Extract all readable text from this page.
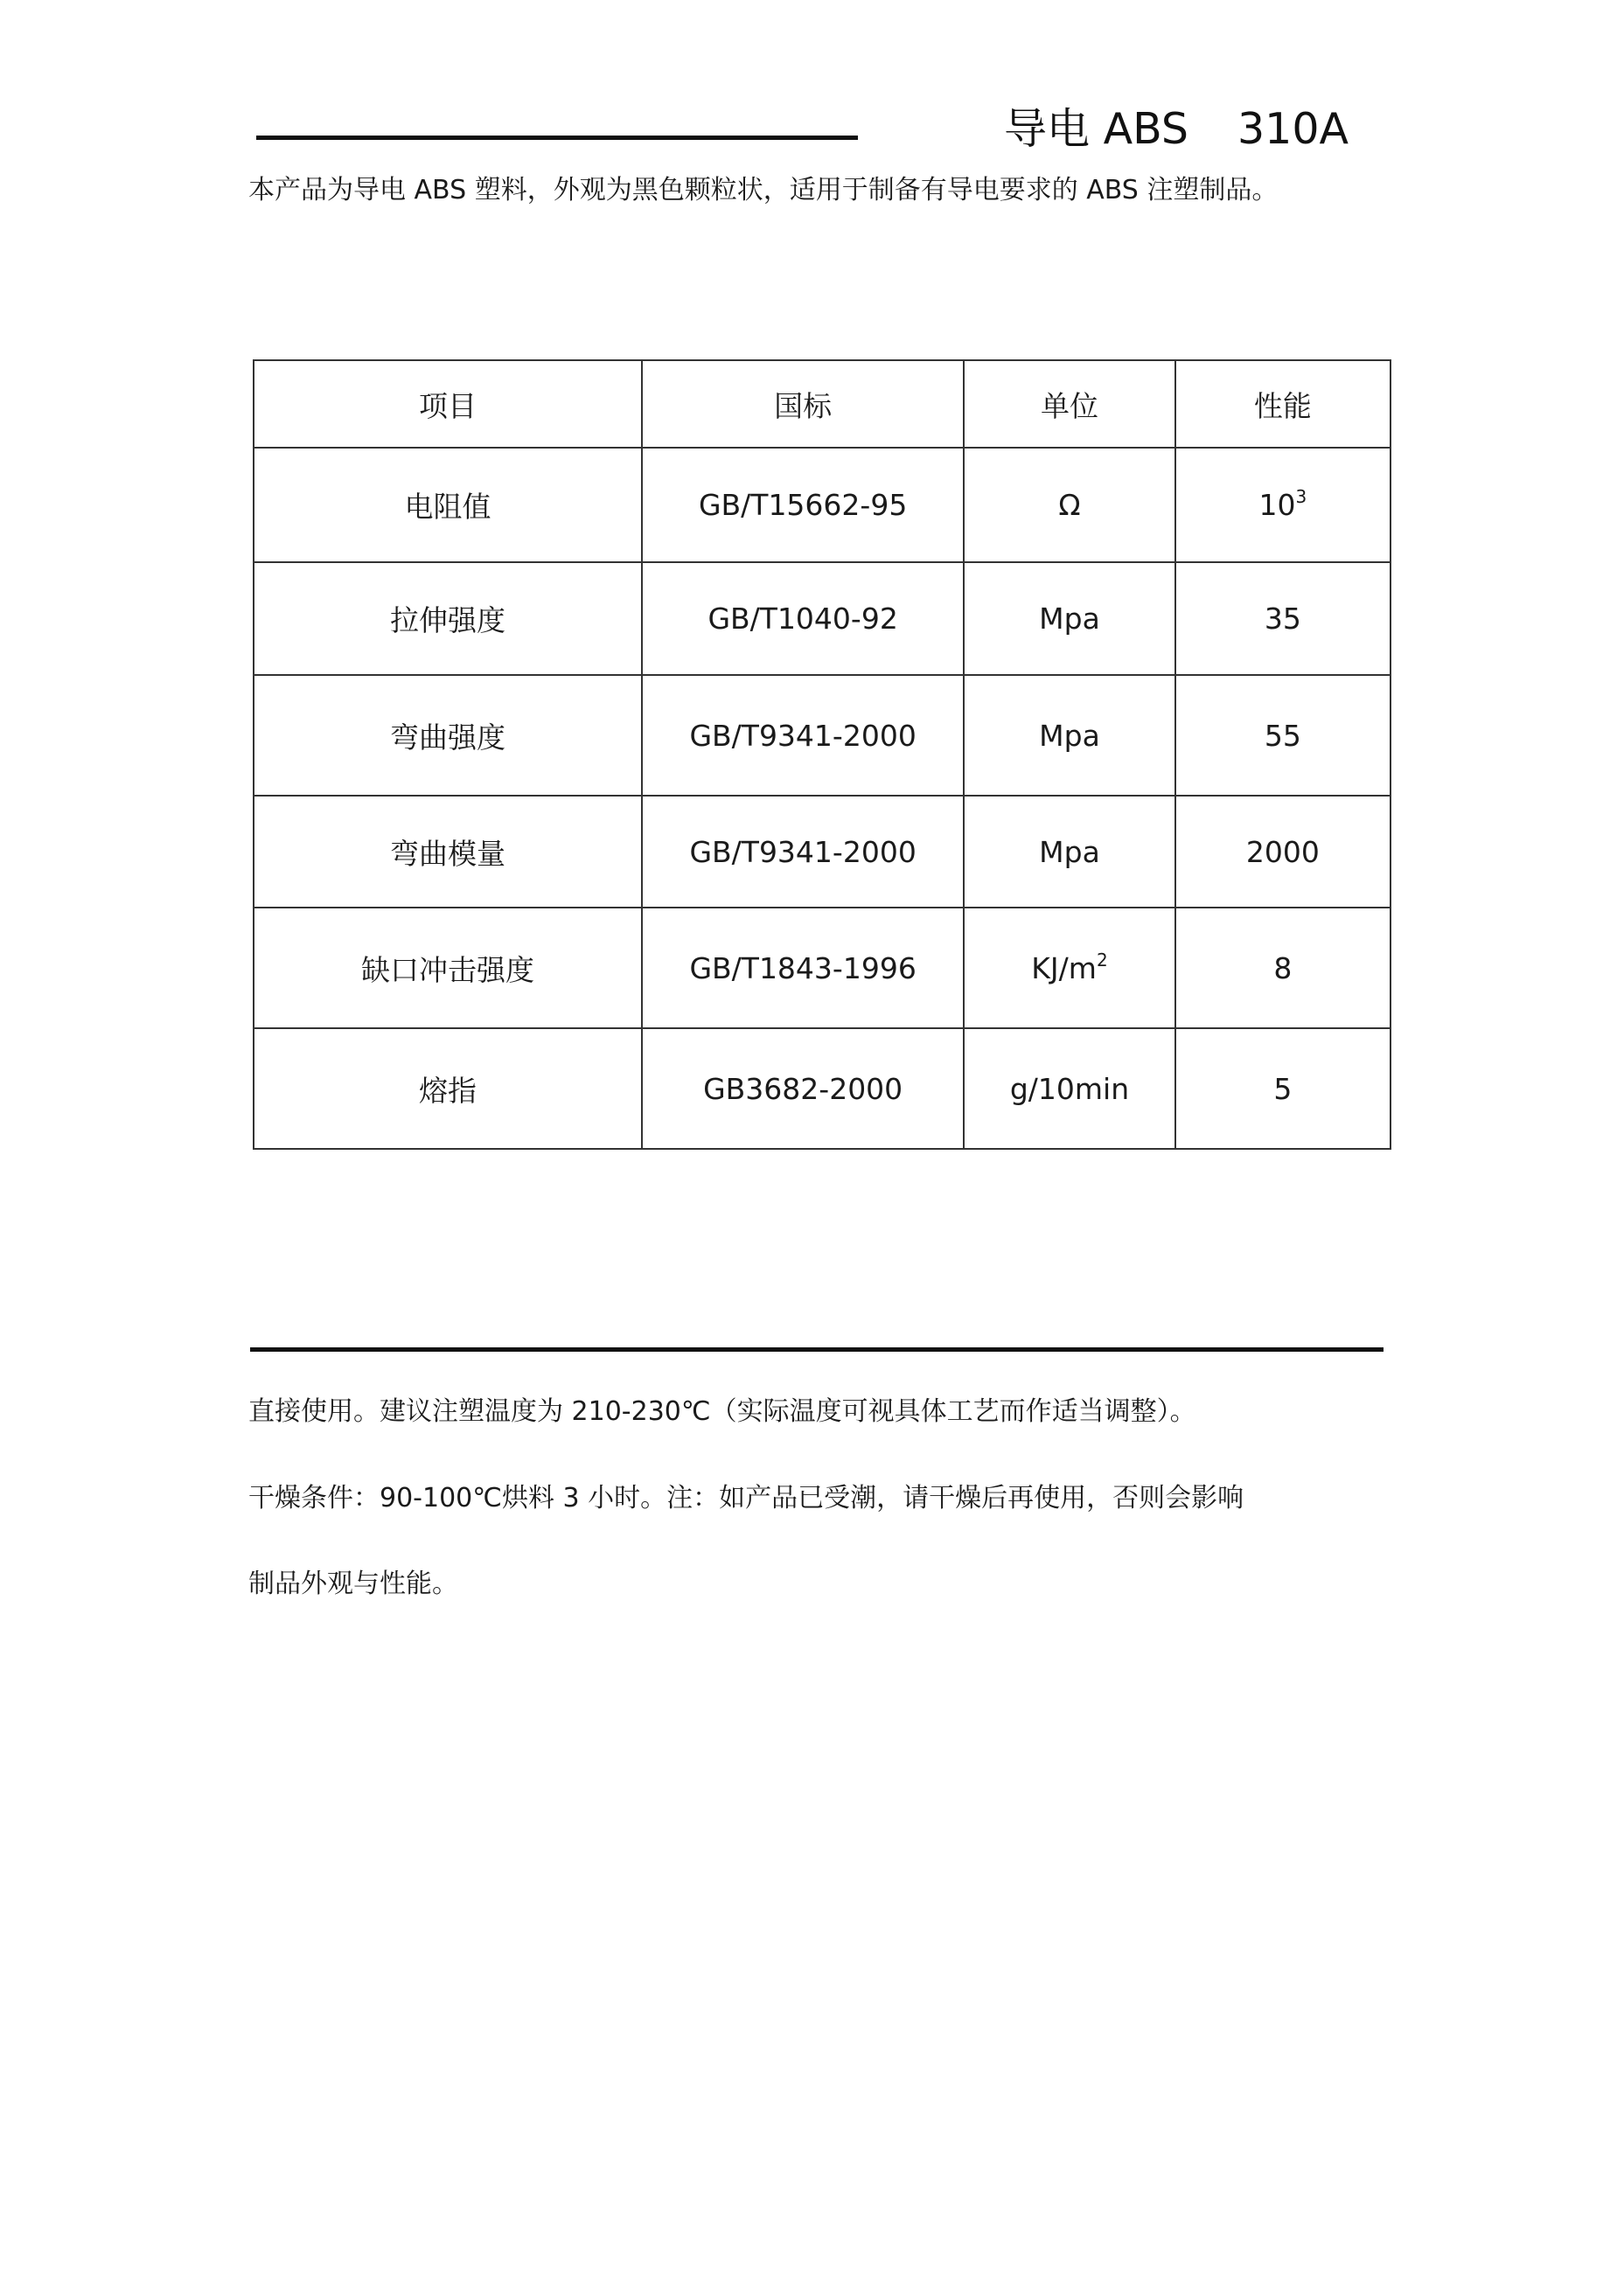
导电 ABS 310A
本产品为导电 ABS 塑料，外观为黑色颗粒状，适用于制备有导电要求的 ABS 注塑制品。
项目	国标	单位	性能
电阻值	GB/T15662-95	Ω	$10^3$
拉伸强度	GB/T1040-92	Mpa	35
弯曲强度	GB/T9341-2000	Mpa	55
弯曲模量	GB/T9341-2000	Mpa	2000
缺口冲击强度	GB/T1843-1996	$KJ/m^2$	8
熔指	GB3682-2000	g/10min	5
直接使用。建议注塑温度为 210-230℃（实际温度可视具体工艺而作适当调整）。
干燥条件：90-100℃烘料 3 小时。注：如产品已受潮，请干燥后再使用，否则会影响
制品外观与性能。
